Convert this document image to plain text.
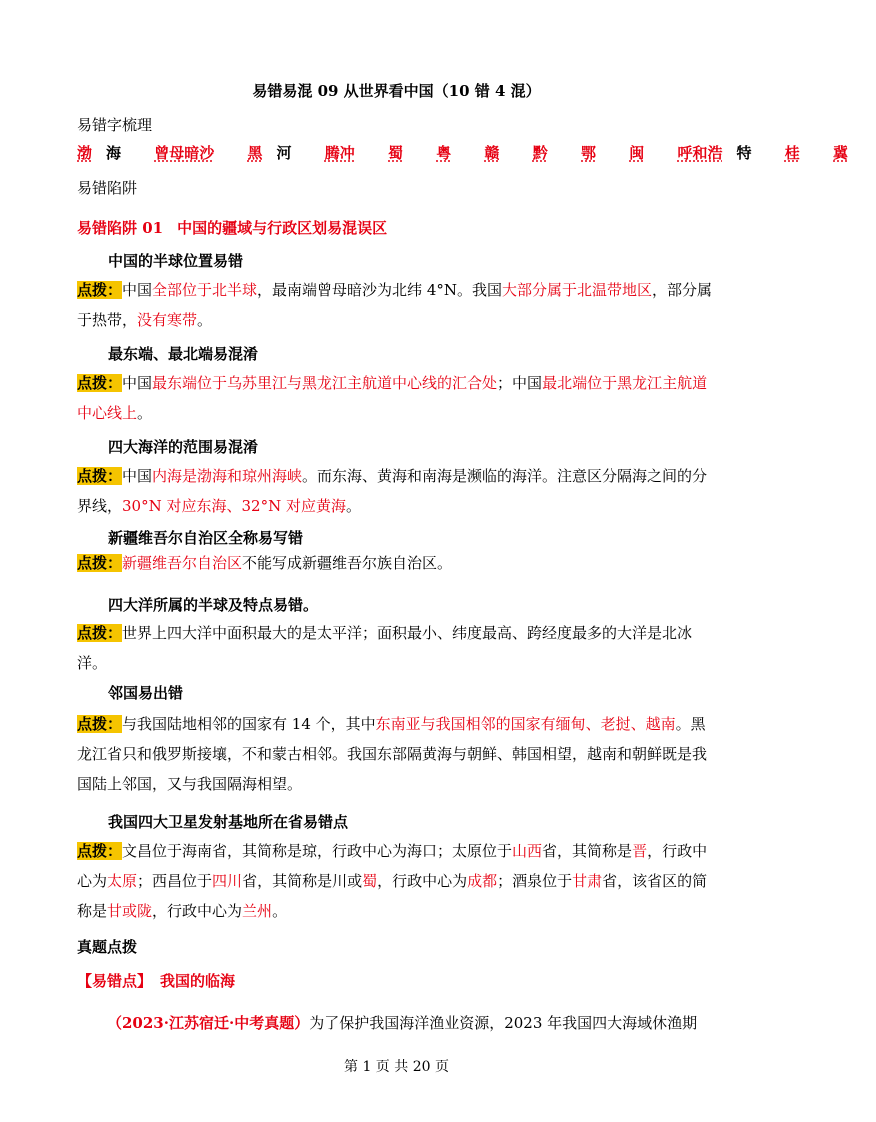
易错易混 09 从世界看中国（10 错 4 混）
易错字梳理
渤 海 曾母暗沙 黑 河 腾冲 蜀 粤 赣 黔 鄂 闽 呼和浩 特 桂 冀
易错陷阱
易错陷阱 01 中国的疆域与行政区划易混误区
中国的半球位置易错
点拨：中国全部位于北半球，最南端曾母暗沙为北纬 4°N。我国大部分属于北温带地区，部分属于热带，没有寒带。
最东端、最北端易混淆
点拨：中国最东端位于乌苏里江与黑龙江主航道中心线的汇合处；中国最北端位于黑龙江主航道中心线上。
四大海洋的范围易混淆
点拨：中国内海是渤海和琼州海峡。而东海、黄海和南海是濒临的海洋。注意区分隔海之间的分界线，30°N 对应东海、32°N 对应黄海。
新疆维吾尔自治区全称易写错
点拨：新疆维吾尔自治区不能写成新疆维吾尔族自治区。
四大洋所属的半球及特点易错。
点拨：世界上四大洋中面积最大的是太平洋；面积最小、纬度最高、跨经度最多的大洋是北冰洋。
邻国易出错
点拨：与我国陆地相邻的国家有 14 个，其中东南亚与我国相邻的国家有缅甸、老挝、越南。黑龙江省只和俄罗斯接壤，不和蒙古相邻。我国东部隔黄海与朝鲜、韩国相望，越南和朝鲜既是我国陆上邻国，又与我国隔海相望。
我国四大卫星发射基地所在省易错点
点拨：文昌位于海南省，其简称是琼，行政中心为海口；太原位于山西省，其简称是晋，行政中心为太原；西昌位于四川省，其简称是川或蜀，行政中心为成都；酒泉位于甘肃省，该省区的简称是甘或陇，行政中心为兰州。
真题点拨
【易错点】 我国的临海
（2023·江苏宿迁·中考真题）为了保护我国海洋渔业资源，2023 年我国四大海域休渔期
第 1 页 共 20 页
